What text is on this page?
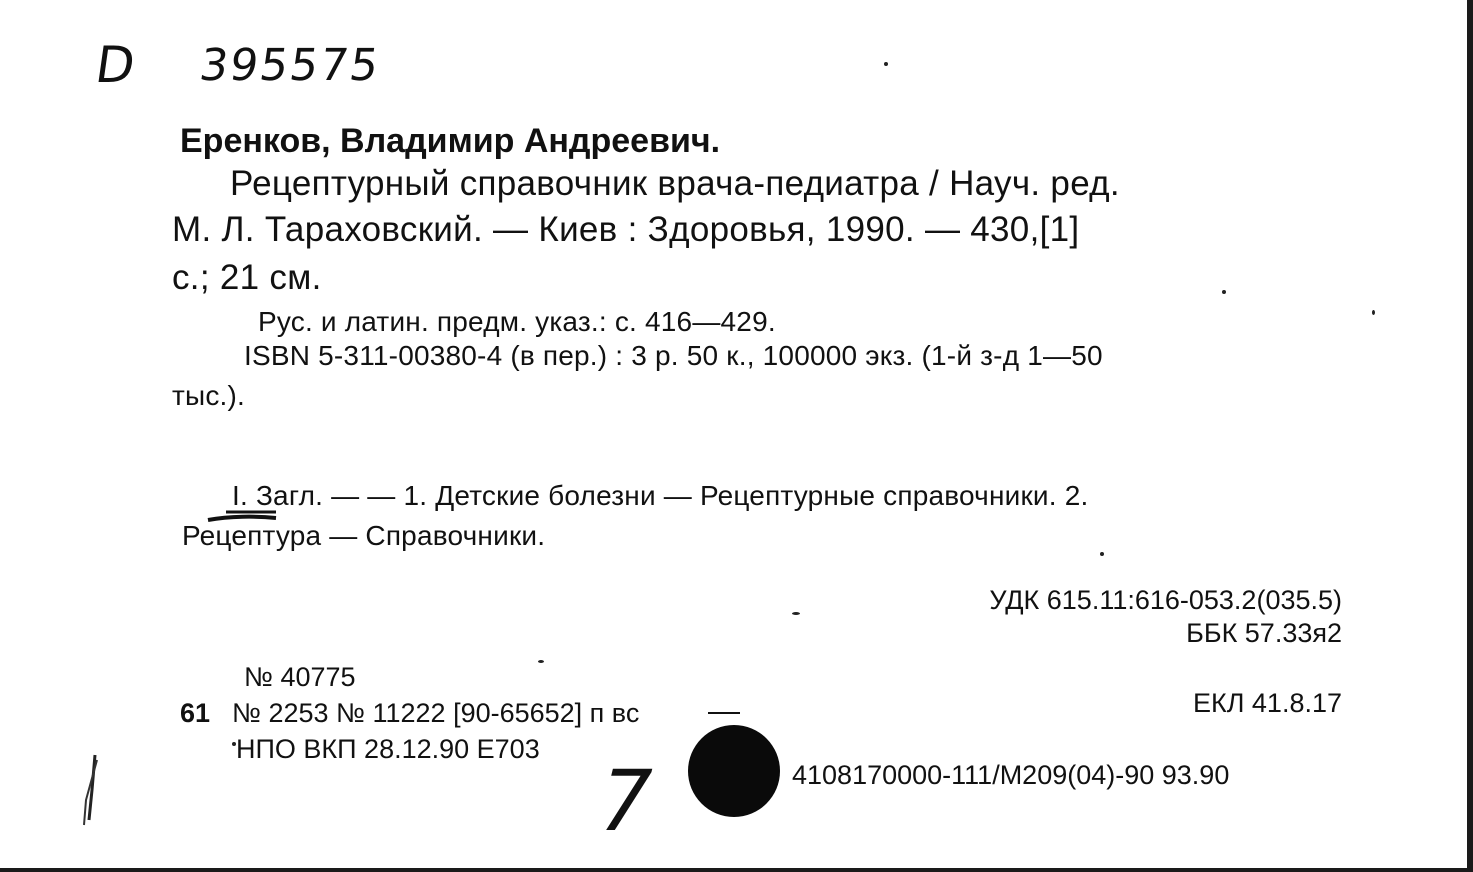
D 395575
Еренков, Владимир Андреевич.
Рецептурный справочник врача-педиатра / Науч. ред.
М. Л. Тараховский. — Киев : Здоровья, 1990. — 430,[1]
с.; 21 см.
Рус. и латин. предм. указ.: с. 416—429.
ISBN 5-311-00380-4 (в пер.) : 3 р. 50 к., 100000 экз. (1-й з-д 1—50
тыс.).
I. Загл. — — 1. Детские болезни — Рецептурные справочники. 2.
Рецептура — Справочники.
УДК 615.11:616-053.2(035.5)
ББК 57.33я2
ЕКЛ 41.8.17
4108170000-111/М209(04)-90 93.90
№ 40775
61 № 2253 № 11222 [90-65652] п вс
НПО ВКП 28.12.90 Е703
7
